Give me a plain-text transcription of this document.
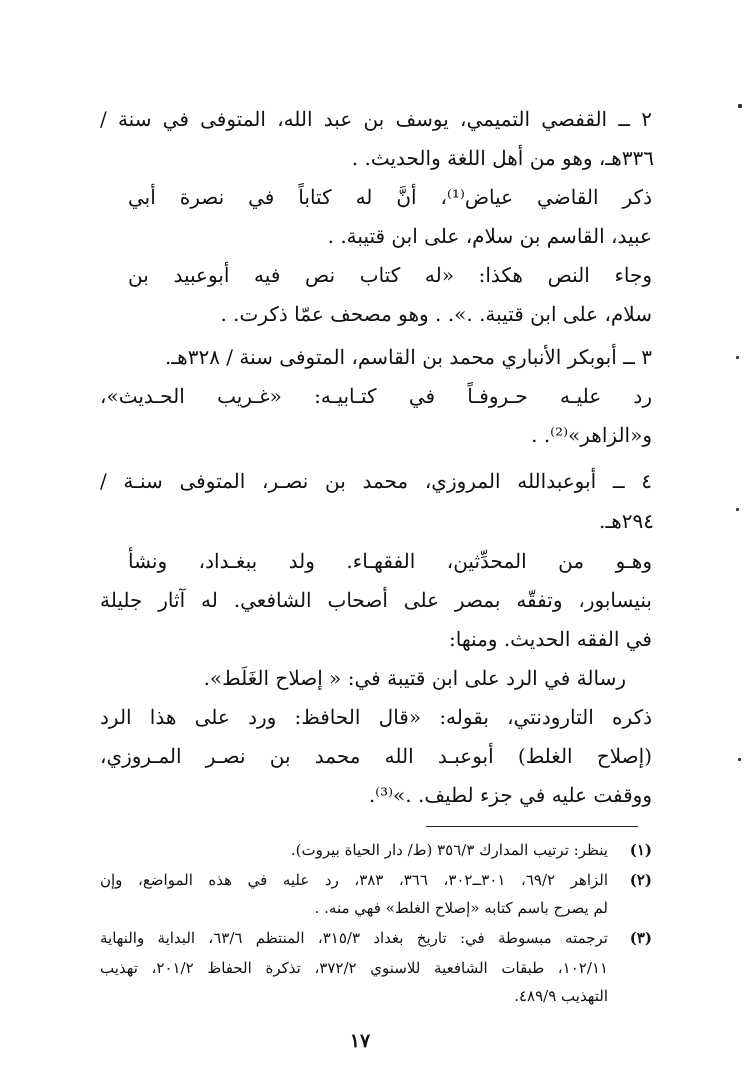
٢ ــ القفصي التميمي، يوسف بن عبد الله، المتوفى في سنة /
٣٣٦هـ، وهو من أهل اللغة والحديث. .
ذكر القاضي عياض⁽¹⁾، أنَّ له كتاباً في نصرة أبي
عبيد، القاسم بن سلام، على ابن قتيبة. .
وجاء النص هكذا: «له كتاب نص فيه أبوعبيد بن
سلام، على ابن قتيبة. .». . وهو مصحف عمّا ذكرت. .
٣ ــ أبوبكر الأنباري محمد بن القاسم، المتوفى سنة / ٣٢٨هـ.
رد عليـه حـروفـاً في كتـابيـه: «غـريب الحـديث»،
و«الزاهر»⁽²⁾. .
٤ ــ أبوعبدالله المروزي، محمد بن نصـر، المتوفى سنـة /
٢٩٤هـ.
وهـو من المحدِّثين، الفقهـاء. ولد ببغـداد، ونشأ
بنيسابور، وتفقّه بمصر على أصحاب الشافعي. له آثار جليلة
في الفقه الحديث. ومنها:
رسالة في الرد على ابن قتيبة في: « إصلاح الغَلَط».
ذكره التارودنتي، بقوله: «قال الحافظ: ورد على هذا الرد
(إصلاح الغلط) أبوعبـد الله محمد بن نصـر المـروزي،
ووقفت عليه في جزء لطيف. .»⁽³⁾.
(١)
ينظر: ترتيب المدارك ٣٥٦/٣ (ط/ دار الحياة بيروت).
(٢)
الزاهر ٦٩/٢، ٣٠١ــ٣٠٢، ٣٦٦، ٣٨٣، رد عليه في هذه المواضع، وإن
لم يصرح باسم كتابه «إصلاح الغلط» فهي منه. .
(٣)
ترجمته مبسوطة في: تاريخ بغداد ٣١٥/٣، المنتظم ٦٣/٦، البداية والنهاية
١٠٢/١١، طبقات الشافعية للاسنوي ٣٧٢/٢، تذكرة الحفاظ ٢٠١/٢، تهذيب
التهذيب ٤٨٩/٩.
١٧
